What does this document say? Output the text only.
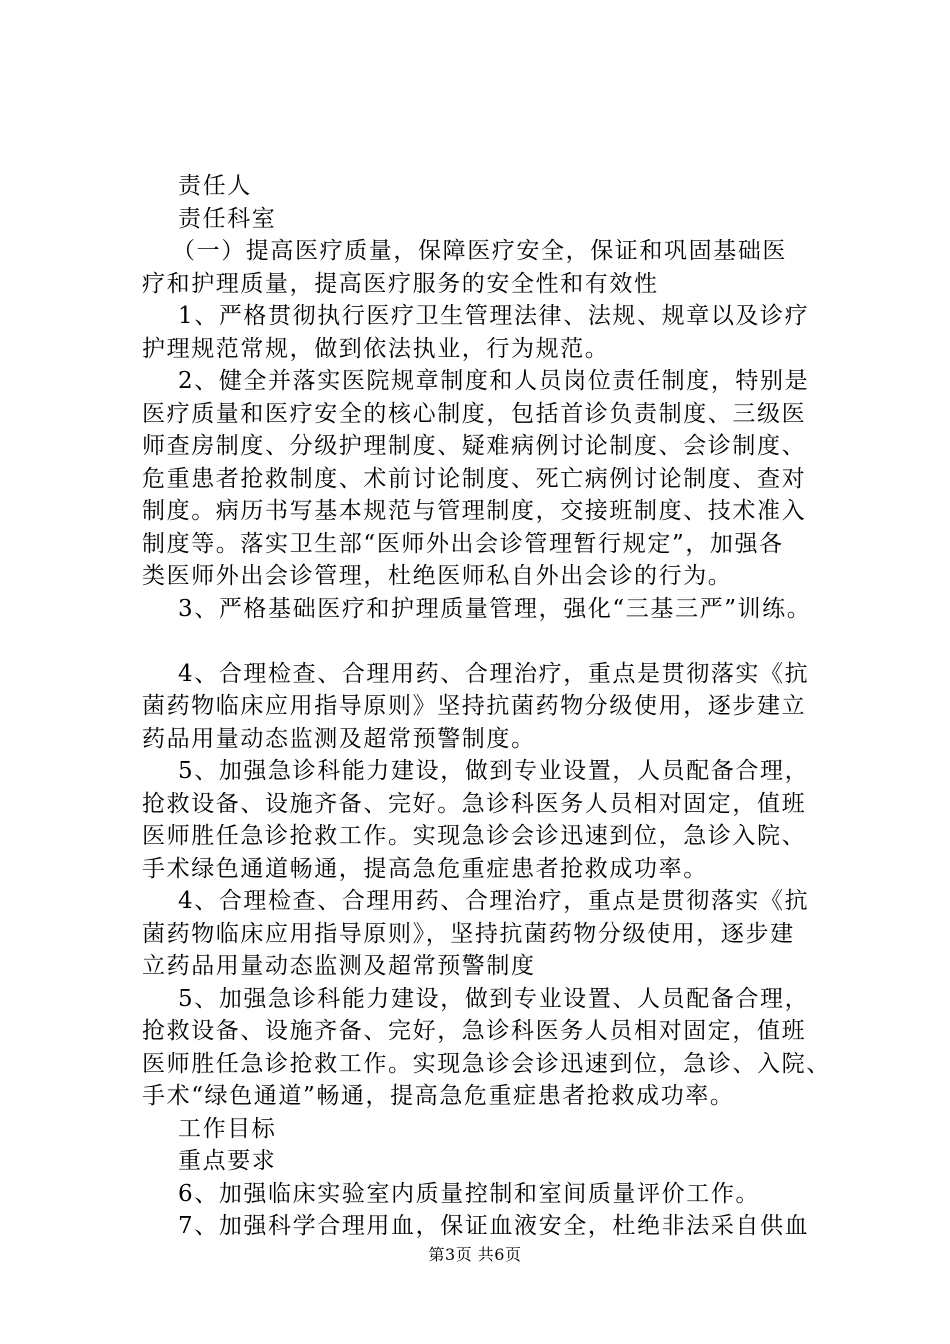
责任人
责任科室
（一）提高医疗质量，保障医疗安全，保证和巩固基础医
疗和护理质量，提高医疗服务的安全性和有效性
1、严格贯彻执行医疗卫生管理法律、法规、规章以及诊疗
护理规范常规，做到依法执业，行为规范。
2、健全并落实医院规章制度和人员岗位责任制度，特别是
医疗质量和医疗安全的核心制度，包括首诊负责制度、三级医
师查房制度、分级护理制度、疑难病例讨论制度、会诊制度、
危重患者抢救制度、术前讨论制度、死亡病例讨论制度、查对
制度。病历书写基本规范与管理制度，交接班制度、技术准入
制度等。落实卫生部“医师外出会诊管理暂行规定”，加强各
类医师外出会诊管理，杜绝医师私自外出会诊的行为。
3、严格基础医疗和护理质量管理，强化“三基三严”训练。
4、合理检查、合理用药、合理治疗，重点是贯彻落实《抗
菌药物临床应用指导原则》坚持抗菌药物分级使用，逐步建立
药品用量动态监测及超常预警制度。
5、加强急诊科能力建设，做到专业设置，人员配备合理，
抢救设备、设施齐备、完好。急诊科医务人员相对固定，值班
医师胜任急诊抢救工作。实现急诊会诊迅速到位，急诊入院、
手术绿色通道畅通，提高急危重症患者抢救成功率。
4、合理检查、合理用药、合理治疗，重点是贯彻落实《抗
菌药物临床应用指导原则》，坚持抗菌药物分级使用，逐步建
立药品用量动态监测及超常预警制度
5、加强急诊科能力建设，做到专业设置、人员配备合理，
抢救设备、设施齐备、完好，急诊科医务人员相对固定，值班
医师胜任急诊抢救工作。实现急诊会诊迅速到位，急诊、入院、
手术“绿色通道”畅通，提高急危重症患者抢救成功率。
工作目标
重点要求
6、加强临床实验室内质量控制和室间质量评价工作。
7、加强科学合理用血，保证血液安全，杜绝非法采自供血
第3页 共6页
